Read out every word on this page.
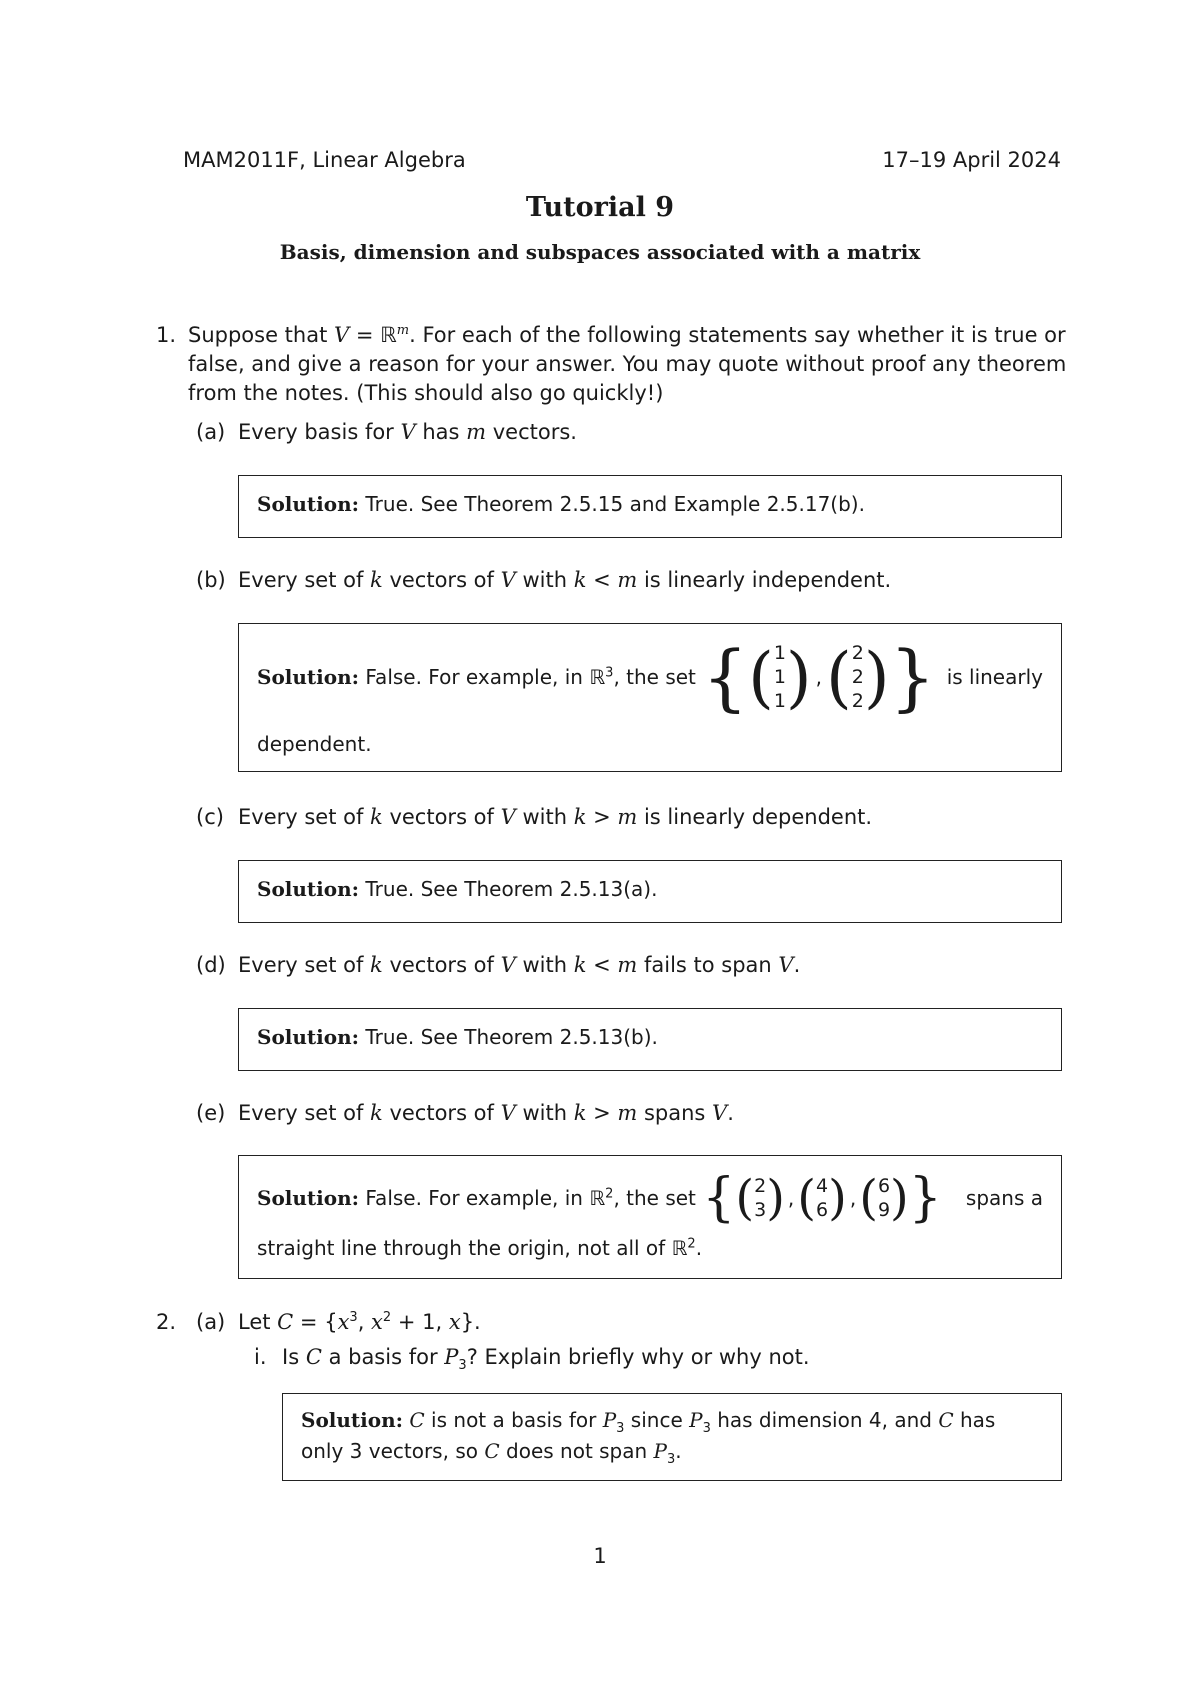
MAM2011F, Linear Algebra	17–19 April 2024
Tutorial 9
Basis, dimension and subspaces associated with a matrix
1. Suppose that V = ℝ$^m$. For each of the following statements say whether it is true or
false, and give a reason for your answer. You may quote without proof any theorem
from the notes. (This should also go quickly!)
(a) Every basis for V has m vectors.
Solution: True. See Theorem 2.5.15 and Example 2.5.17(b).
(b) Every set of k vectors of V with k < m is linearly independent.
Solution:
False. For example, in ℝ$^3$, the set { ( 1
1
1 ) , ( 2
2
2 ) } is linearly
dependent.
(c) Every set of k vectors of V with k > m is linearly dependent.
Solution: True. See Theorem 2.5.13(a).
(d) Every set of k vectors of V with k < m fails to span V.
Solution: True. See Theorem 2.5.13(b).
(e) Every set of k vectors of V with k > m spans V.
Solution:
False. For example, in ℝ$^2$, the set { ( 2
3 ) , ( 4
6 ) , ( 6
9 ) } spans a
straight line through the origin, not all of ℝ$^2$.
2. (a) Let $C = \{x^3$, $x^2 + 1$, x}.
i. Is C a basis for $P_3$? Explain briefly why or why not.
Solution: C is not a basis for $P_3$ since $P_3$ has dimension 4, and C has
only 3 vectors, so C does not span $P_3$.
1
